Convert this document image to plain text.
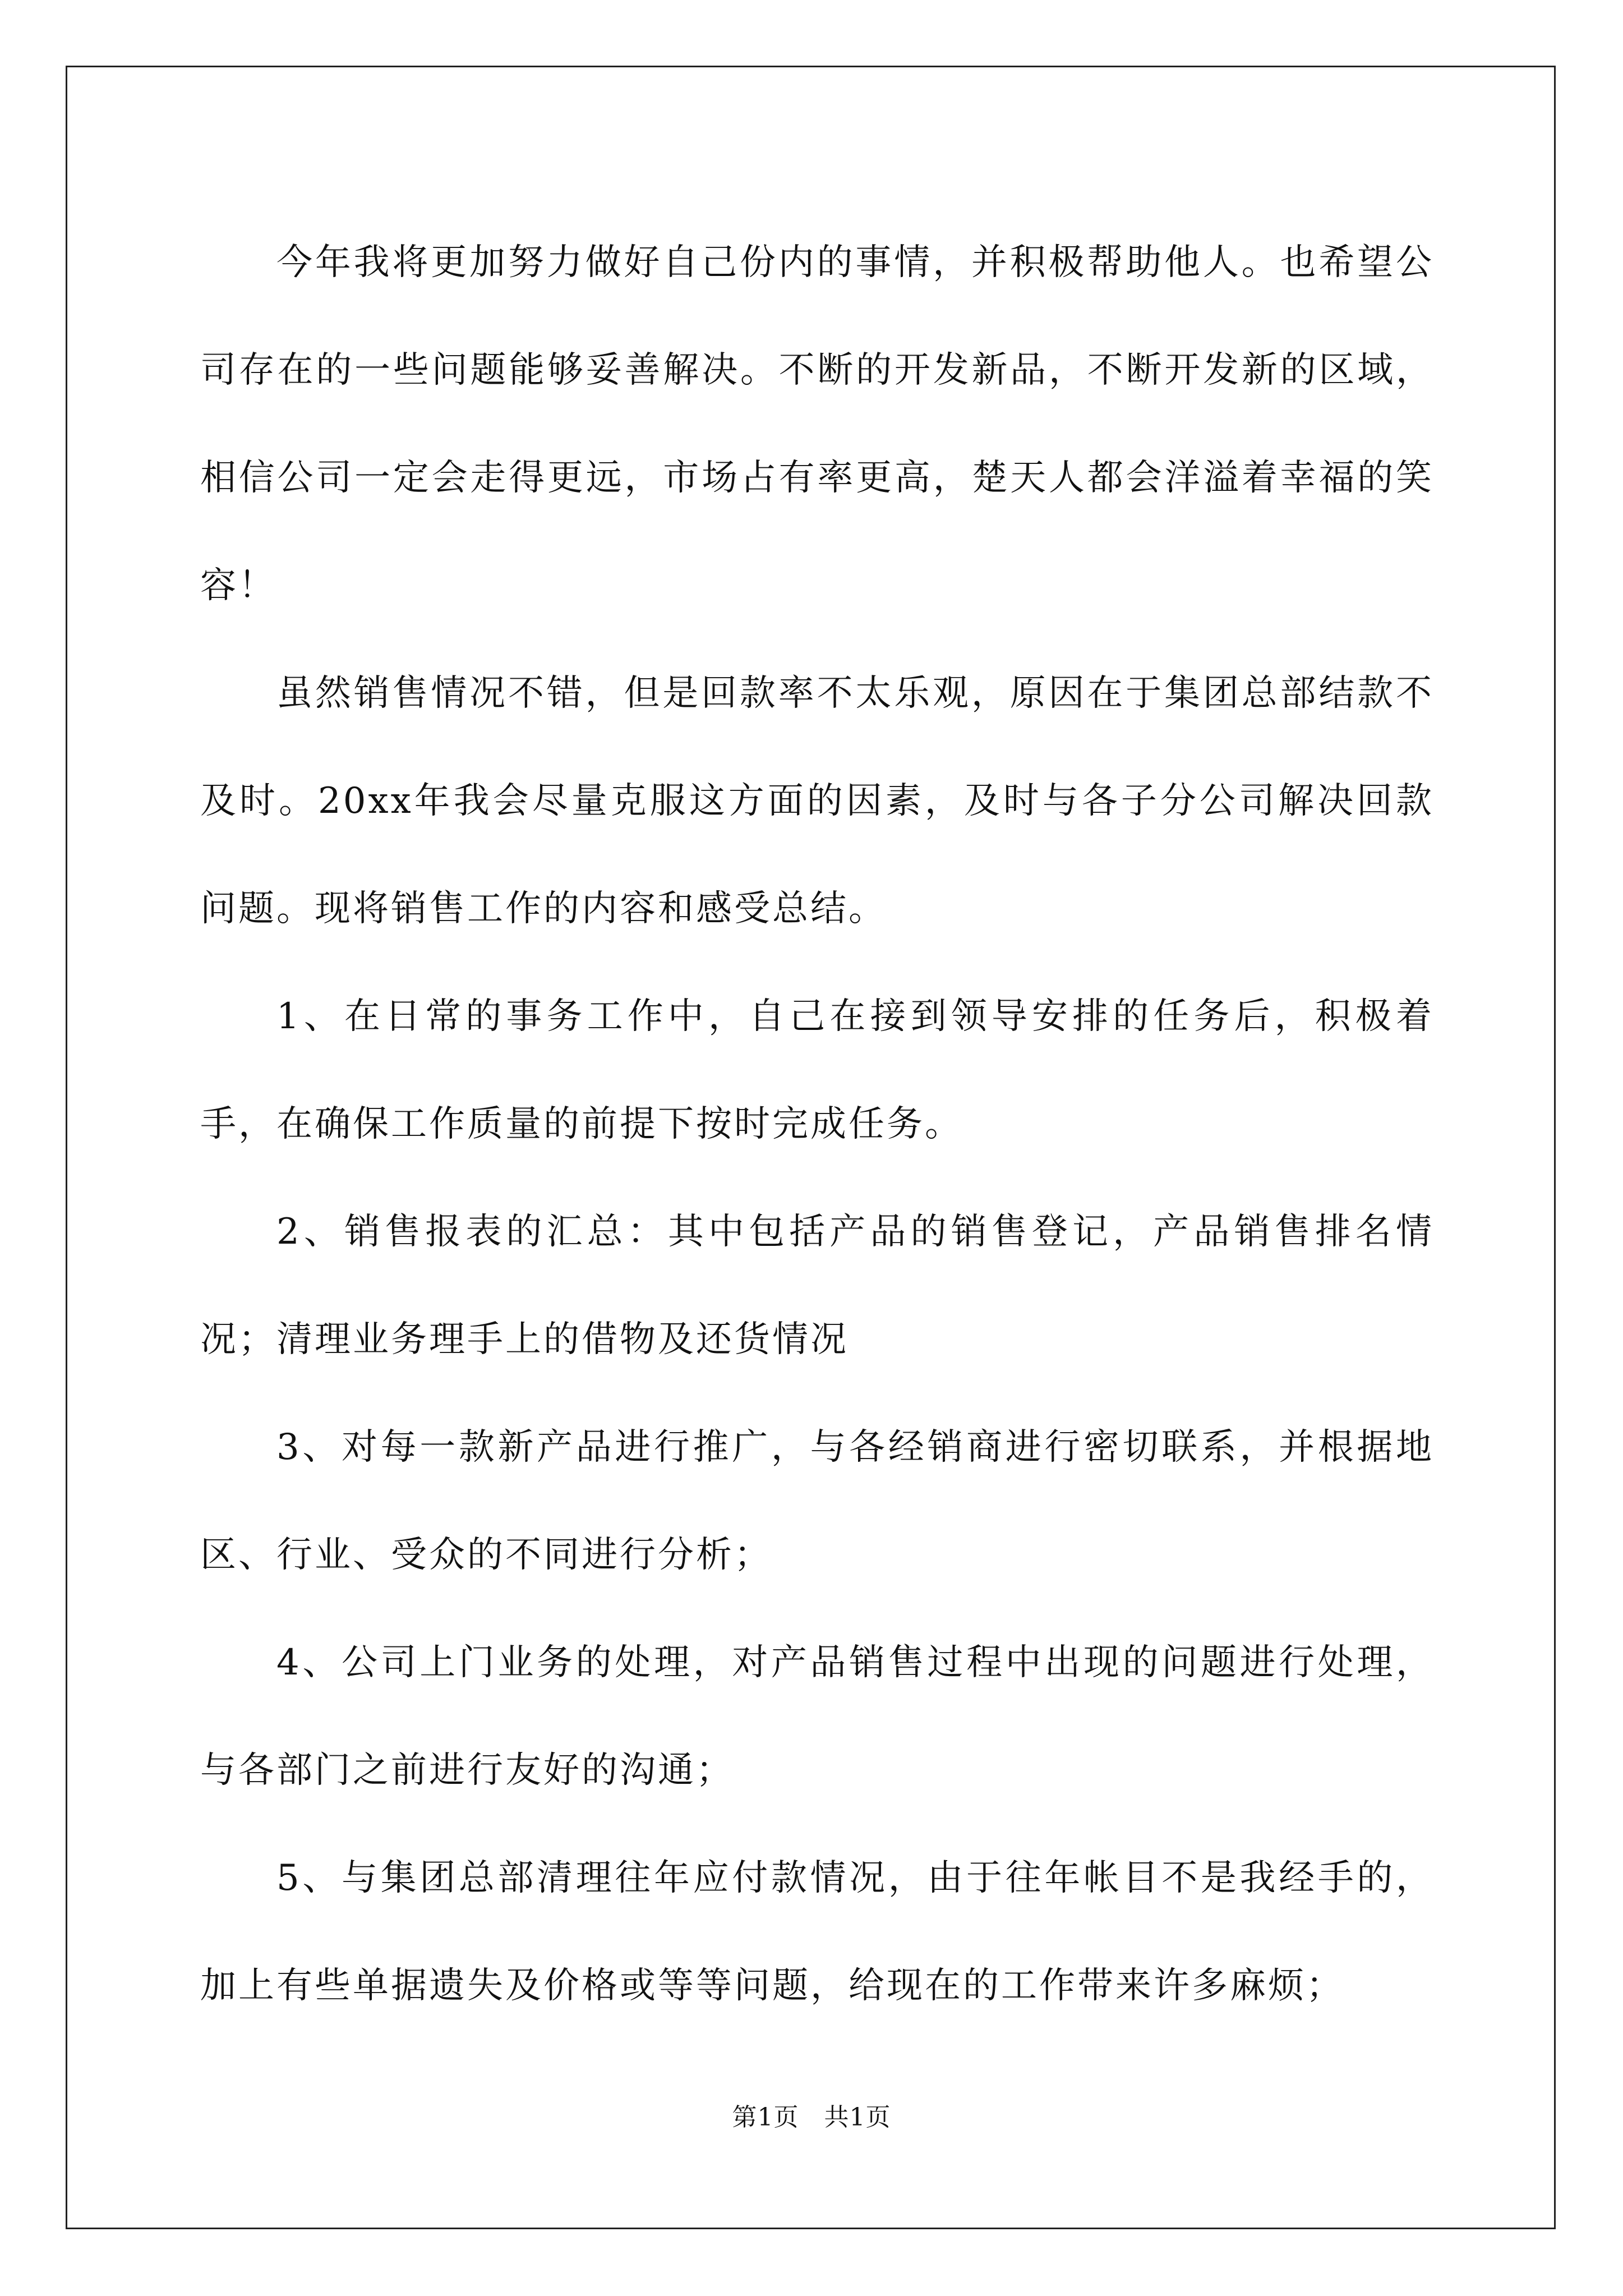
今年我将更加努力做好自己份内的事情，并积极帮助他人。也希望公司存在的一些问题能够妥善解决。不断的开发新品，不断开发新的区域，相信公司一定会走得更远，市场占有率更高，楚天人都会洋溢着幸福的笑容！

虽然销售情况不错，但是回款率不太乐观，原因在于集团总部结款不及时。20xx年我会尽量克服这方面的因素，及时与各子分公司解决回款问题。现将销售工作的内容和感受总结。

1、在日常的事务工作中，自己在接到领导安排的任务后，积极着手，在确保工作质量的前提下按时完成任务。

2、销售报表的汇总：其中包括产品的销售登记，产品销售排名情况；清理业务理手上的借物及还货情况

3、对每一款新产品进行推广，与各经销商进行密切联系，并根据地区、行业、受众的不同进行分析；

4、公司上门业务的处理，对产品销售过程中出现的问题进行处理，与各部门之前进行友好的沟通；

5、与集团总部清理往年应付款情况，由于往年帐目不是我经手的，加上有些单据遗失及价格或等等问题，给现在的工作带来许多麻烦；

第1页　共1页
